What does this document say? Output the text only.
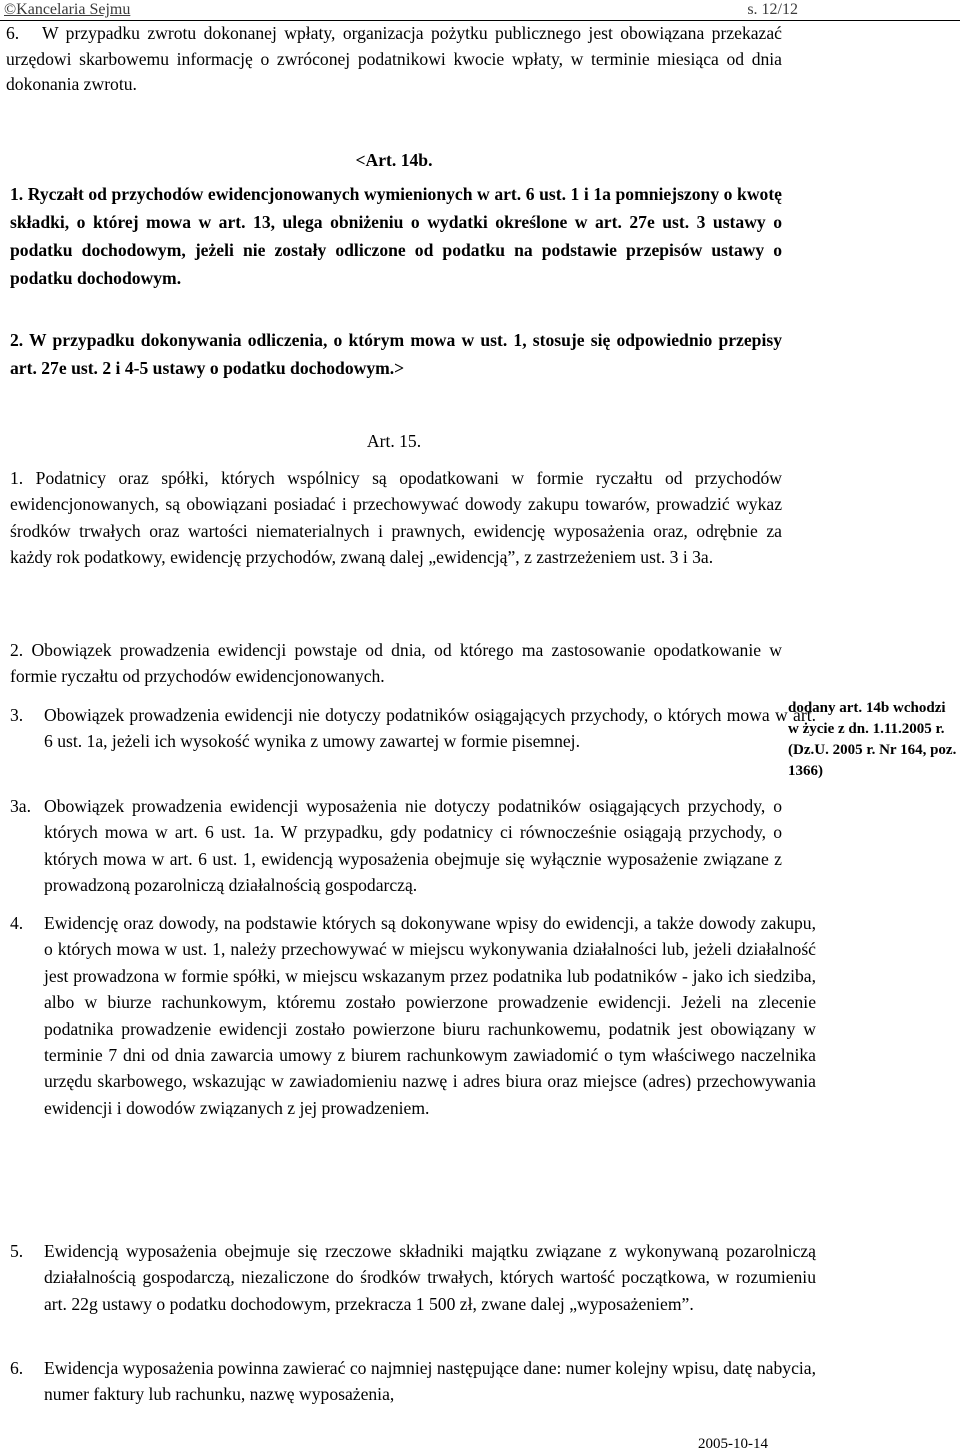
©Kancelaria Sejmu	s. 12/12

6. W przypadku zwrotu dokonanej wpłaty, organizacja pożytku publicznego jest obowiązana przekazać urzędowi skarbowemu informację o zwróconej podatnikowi kwocie wpłaty, w terminie miesiąca od dnia dokonania zwrotu.

<Art. 14b.

1. Ryczałt od przychodów ewidencjonowanych wymienionych w art. 6 ust. 1 i 1a pomniejszony o kwotę składki, o której mowa w art. 13, ulega obniżeniu o wydatki określone w art. 27e ust. 3 ustawy o podatku dochodowym, jeżeli nie zostały odliczone od podatku na podstawie przepisów ustawy o podatku dochodowym.

2. W przypadku dokonywania odliczenia, o którym mowa w ust. 1, stosuje się odpowiednio przepisy art. 27e ust. 2 i 4-5 ustawy o podatku dochodowym.>

Art. 15.

1. Podatnicy oraz spółki, których wspólnicy są opodatkowani w formie ryczałtu od przychodów ewidencjonowanych, są obowiązani posiadać i przechowywać dowody zakupu towarów, prowadzić wykaz środków trwałych oraz wartości niematerialnych i prawnych, ewidencję wyposażenia oraz, odrębnie za każdy rok podatkowy, ewidencję przychodów, zwaną dalej „ewidencją”, z zastrzeżeniem ust. 3 i 3a.

2. Obowiązek prowadzenia ewidencji powstaje od dnia, od którego ma zastosowanie opodatkowanie w formie ryczałtu od przychodów ewidencjonowanych.

3. Obowiązek prowadzenia ewidencji nie dotyczy podatników osiągających przychody, o których mowa w art. 6 ust. 1a, jeżeli ich wysokość wynika z umowy zawartej w formie pisemnej.

3a. Obowiązek prowadzenia ewidencji wyposażenia nie dotyczy podatników osiągających przychody, o których mowa w art. 6 ust. 1a. W przypadku, gdy podatnicy ci równocześnie osiągają przychody, o których mowa w art. 6 ust. 1, ewidencją wyposażenia obejmuje się wyłącznie wyposażenie związane z prowadzoną pozarolniczą działalnością gospodarczą.

4. Ewidencję oraz dowody, na podstawie których są dokonywane wpisy do ewidencji, a także dowody zakupu, o których mowa w ust. 1, należy przechowywać w miejscu wykonywania działalności lub, jeżeli działalność jest prowadzona w formie spółki, w miejscu wskazanym przez podatnika lub podatników - jako ich siedziba, albo w biurze rachunkowym, któremu zostało powierzone prowadzenie ewidencji. Jeżeli na zlecenie podatnika prowadzenie ewidencji zostało powierzone biuru rachunkowemu, podatnik jest obowiązany w terminie 7 dni od dnia zawarcia umowy z biurem rachunkowym zawiadomić o tym właściwego naczelnika urzędu skarbowego, wskazując w zawiadomieniu nazwę i adres biura oraz miejsce (adres) przechowywania ewidencji i dowodów związanych z jej prowadzeniem.

5. Ewidencją wyposażenia obejmuje się rzeczowe składniki majątku związane z wykonywaną pozarolniczą działalnością gospodarczą, niezaliczone do środków trwałych, których wartość początkowa, w rozumieniu art. 22g ustawy o podatku dochodowym, przekracza 1 500 zł, zwane dalej „wyposażeniem”.

6. Ewidencja wyposażenia powinna zawierać co najmniej następujące dane: numer kolejny wpisu, datę nabycia, numer faktury lub rachunku, nazwę wyposażenia,

dodany art. 14b wchodzi w życie z dn. 1.11.2005 r. (Dz.U. 2005 r. Nr 164, poz. 1366)
2005-10-14
